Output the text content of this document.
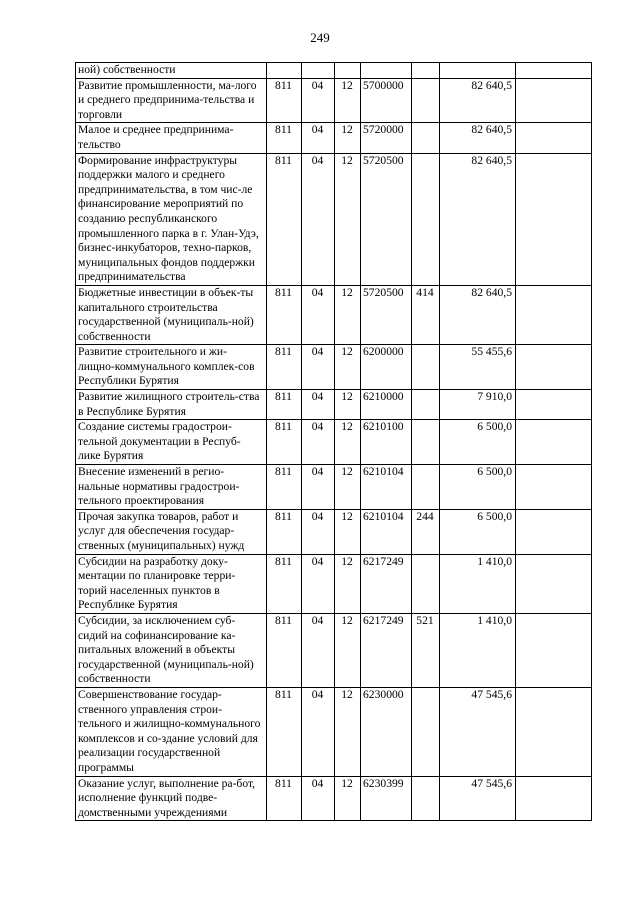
249
ной) собственности							
Развитие промышленности, ма-лого и среднего предпринима-тельства и торговли	811	04	12	5700000		82 640,5	
Малое и среднее предпринима-тельство	811	04	12	5720000		82 640,5	
Формирование инфраструктуры поддержки малого и среднего предпринимательства, в том чис-ле финансирование мероприятий по созданию республиканского промышленного парка в г. Улан-Удэ, бизнес-инкубаторов, техно-парков, муниципальных фондов поддержки предпринимательства	811	04	12	5720500		82 640,5	
Бюджетные инвестиции в объек-ты капитального строительства государственной (муниципаль-ной) собственности	811	04	12	5720500	414	82 640,5	
Развитие строительного и жи-лищно-коммунального комплек-сов Республики Бурятия	811	04	12	6200000		55 455,6	
Развитие жилищного строитель-ства в Республике Бурятия	811	04	12	6210000		7 910,0	
Создание системы градострои-тельной документации в Респуб-лике Бурятия	811	04	12	6210100		6 500,0	
Внесение изменений в регио-нальные нормативы градострои-тельного проектирования	811	04	12	6210104		6 500,0	
Прочая закупка товаров, работ и услуг для обеспечения государ-ственных (муниципальных) нужд	811	04	12	6210104	244	6 500,0	
Субсидии на разработку доку-ментации по планировке терри-торий населенных пунктов в Республике Бурятия	811	04	12	6217249		1 410,0	
Субсидии, за исключением суб-сидий на софинансирование ка-питальных вложений в объекты государственной (муниципаль-ной) собственности	811	04	12	6217249	521	1 410,0	
Совершенствование государ-ственного управления строи-тельного и жилищно-коммунального комплексов и со-здание условий для реализации государственной программы	811	04	12	6230000		47 545,6	
Оказание услуг, выполнение ра-бот, исполнение функций подве-домственными учреждениями	811	04	12	6230399		47 545,6	
